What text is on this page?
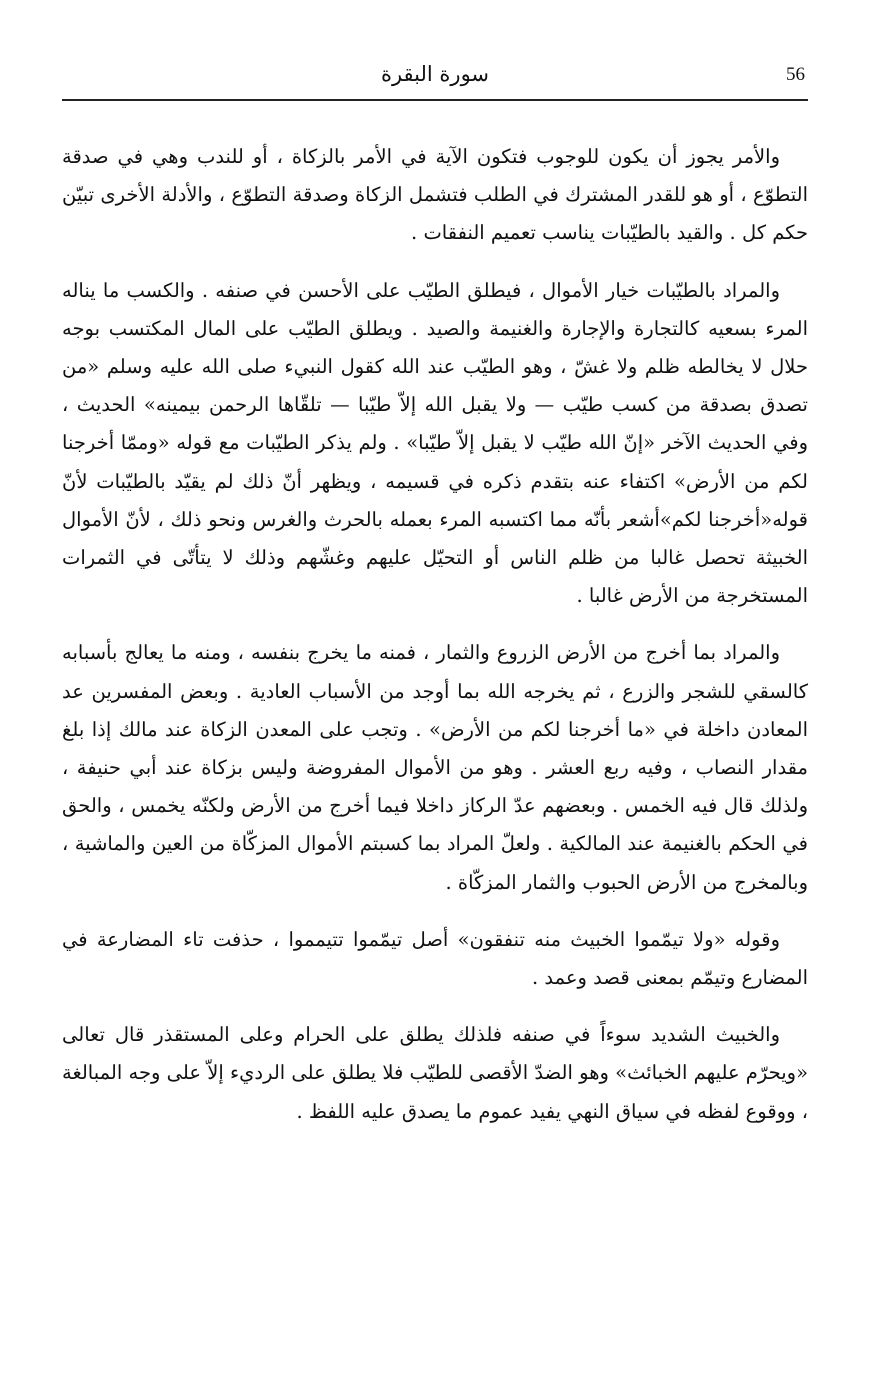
56
سورة البقرة

والأمر يجوز أن يكون للوجوب فتكون الآية في الأمر بالزكاة ، أو للندب وهي في صدقة التطوّع ، أو هو للقدر المشترك في الطلب فتشمل الزكاة وصدقة التطوّع ، والأدلة الأخرى تبيّن حكم كل . والقيد بالطيّبات يناسب تعميم النفقات .

والمراد بالطيّبات خيار الأموال ، فيطلق الطيّب على الأحسن في صنفه . والكسب ما يناله المرء بسعيه كالتجارة والإجارة والغنيمة والصيد . ويطلق الطيّب على المال المكتسب بوجه حلال لا يخالطه ظلم ولا غشّ ، وهو الطيّب عند الله كقول النبيء صلى الله عليه وسلم «من تصدق بصدقة من كسب طيّب — ولا يقبل الله إلاّ طيّبا — تلقّاها الرحمن بيمينه» الحديث ، وفي الحديث الآخر «إنّ الله طيّب لا يقبل إلاّ طيّبا» . ولم يذكر الطيّبات مع قوله «وممّا أخرجنا لكم من الأرض» اكتفاء عنه بتقدم ذكره في قسيمه ، ويظهر أنّ ذلك لم يقيّد بالطيّبات لأنّ قوله«أخرجنا لكم»أشعر بأنّه مما اكتسبه المرء بعمله بالحرث والغرس ونحو ذلك ، لأنّ الأموال الخبيثة تحصل غالبا من ظلم الناس أو التحيّل عليهم وغشّهم وذلك لا يتأتّى في الثمرات المستخرجة من الأرض غالبا .

والمراد بما أخرج من الأرض الزروع والثمار ، فمنه ما يخرج بنفسه ، ومنه ما يعالج بأسبابه كالسقي للشجر والزرع ، ثم يخرجه الله بما أوجد من الأسباب العادية . وبعض المفسرين عد المعادن داخلة في «ما أخرجنا لكم من الأرض» . وتجب على المعدن الزكاة عند مالك إذا بلغ مقدار النصاب ، وفيه ربع العشر . وهو من الأموال المفروضة وليس بزكاة عند أبي حنيفة ، ولذلك قال فيه الخمس . وبعضهم عدّ الركاز داخلا فيما أخرج من الأرض ولكنّه يخمس ، والحق في الحكم بالغنيمة عند المالكية . ولعلّ المراد بما كسبتم الأموال المزكّاة من العين والماشية ، وبالمخرج من الأرض الحبوب والثمار المزكّاة .

وقوله «ولا تيمّموا الخبيث منه تنفقون» أصل تيمّموا تتيمموا ، حذفت تاء المضارعة في المضارع وتيمّم بمعنى قصد وعمد .

والخبيث الشديد سوءاً في صنفه فلذلك يطلق على الحرام وعلى المستقذر قال تعالى «ويحرّم عليهم الخبائث» وهو الضدّ الأقصى للطيّب فلا يطلق على الرديء إلاّ على وجه المبالغة ، ووقوع لفظه في سياق النهي يفيد عموم ما يصدق عليه اللفظ .
